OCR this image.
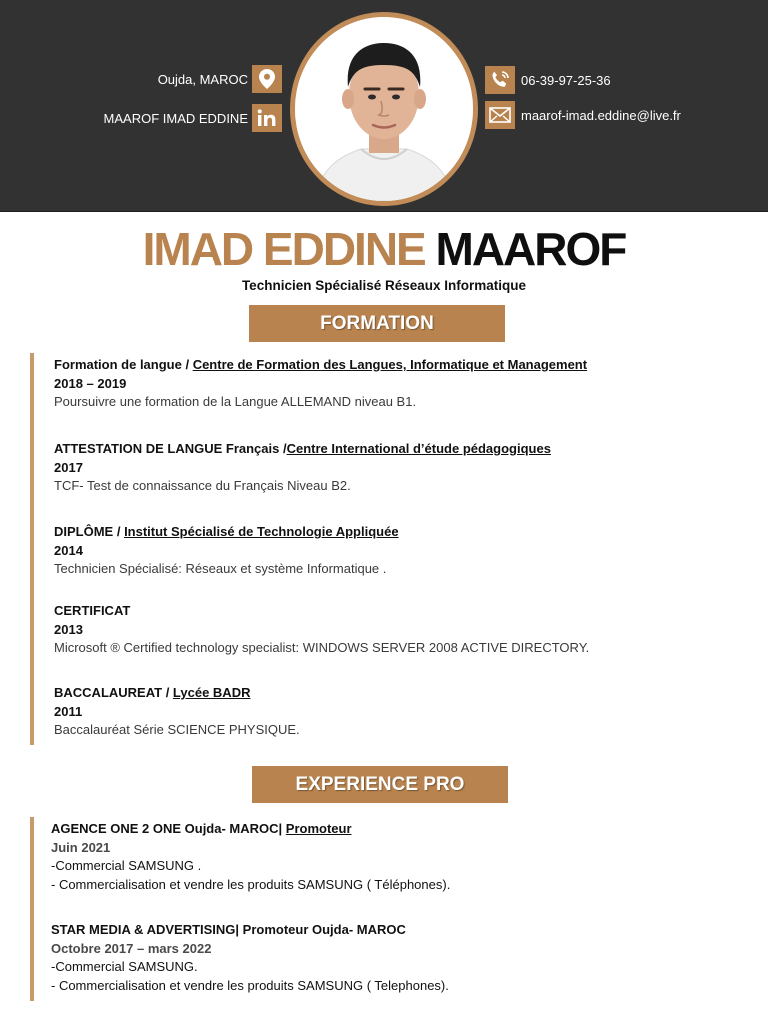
Oujda, MAROC
MAAROF IMAD EDDINE
06-39-97-25-36
maarof-imad.eddine@live.fr
IMAD EDDINE MAAROF
Technicien Spécialisé Réseaux Informatique
FORMATION
Formation de langue / Centre de Formation des Langues, Informatique et Management
2018 – 2019
Poursuivre une formation de la Langue ALLEMAND niveau B1.
ATTESTATION DE LANGUE Français /Centre International d’étude pédagogiques
2017
TCF- Test de connaissance du Français Niveau B2.
DIPLÔME / Institut Spécialisé de Technologie Appliquée
2014
Technicien Spécialisé: Réseaux et système Informatique .
CERTIFICAT
2013
Microsoft ® Certified technology specialist: WINDOWS SERVER 2008 ACTIVE DIRECTORY.
BACCALAUREAT / Lycée BADR
2011
Baccalauréat Série SCIENCE PHYSIQUE.
EXPERIENCE PRO
AGENCE ONE 2 ONE Oujda- MAROC| Promoteur
Juin 2021
-Commercial SAMSUNG .
- Commercialisation et vendre les produits SAMSUNG ( Téléphones).
STAR MEDIA & ADVERTISING| Promoteur Oujda- MAROC
Octobre 2017 – mars 2022
-Commercial SAMSUNG.
- Commercialisation et vendre les produits SAMSUNG ( Telephones).
